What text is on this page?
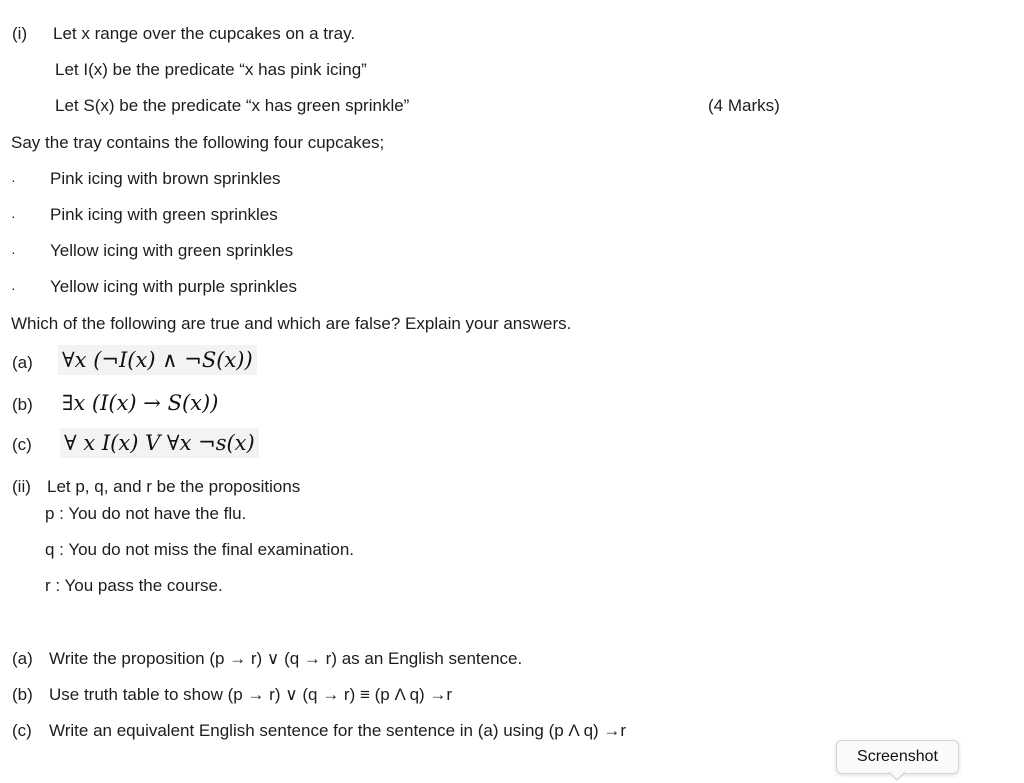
(i) Let x range over the cupcakes on a tray.
Let I(x) be the predicate “x has pink icing”
Let S(x) be the predicate “x has green sprinkle”	(4 Marks)
Say the tray contains the following four cupcakes;
· Pink icing with brown sprinkles
· Pink icing with green sprinkles
· Yellow icing with green sprinkles
· Yellow icing with purple sprinkles
Which of the following are true and which are false? Explain your answers.
(a) ∀x (¬I(x) ∧ ¬S(x))
(b) ∃x (I(x) → S(x))
(c) ∀ x I(x) V ∀x ¬s(x)
(ii) Let p, q, and r be the propositions
p : You do not have the flu.
q : You do not miss the final examination.
r : You pass the course.
(a) Write the proposition (p → r) ∨ (q → r) as an English sentence.
(b) Use truth table to show (p → r) ∨ (q → r) ≡ (p Λ q) →r
(c) Write an equivalent English sentence for the sentence in (a) using (p Λ q) →r
Screenshot
